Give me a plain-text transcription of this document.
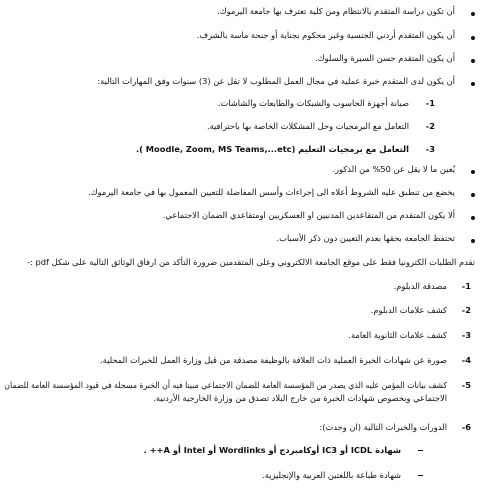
أن تكون دراسة المتقدم بالانتظام ومن كلية تعترف بها جامعة اليرموك.
أن يكون المتقدم أردني الجنسية وغير محكوم بجناية أو جنحة ماسة بالشرف.
أن يكون المتقدم حسن السيرة والسلوك.
أن يكون لدى المتقدم خبرة عملية في مجال العمل المطلوب لا تقل عن (3) سنوات وفق المهارات التالية:
1-
صيانة أجهزة الحاسوب والشبكات والطابعات والشاشات.
2-
التعامل مع البرمجيات وحل المشكلات الخاصة بها باحترافية.
3-
التعامل مع برمجيات التعليم (Moodle, Zoom, MS Teams,...etc ).
يُعين ما لا يقل عن 50% من الذكور.
يخضع من تنطبق عليه الشروط أعلاه الى إجراءات وأسس المفاضلة للتعيين المعمول بها في جامعة اليرموك.
ألا يكون المتقدم من المتقاعدين المدنيين او العسكريين اومتقاعدي الضمان الاجتماعي.
تحتفظ الجامعة بحقها بعدم التعيين دون ذكر الأسباب.
تقدم الطلبات الكترونيا فقط على موقع الجامعة الالكتروني وعلى المتقدمين ضرورة التأكد من ارفاق الوثائق التالية على شكل pdf :-
1-
مصدقة الدبلوم.
2-
كشف علامات الدبلوم.
3-
كشف علامات الثانوية العامة.
4-
صورة عن شهادات الخبرة العملية ذات العلاقة بالوظيفة مصدقة من قبل وزارة العمل للخبرات المحلية.
5-
كشف بيانات المؤمن عليه الذي يصدر من المؤسسة العامة للضمان الاجتماعي مبينا فيه أن الخبرة مسجلة في قيود المؤسسة العامة للضمان
الاجتماعي وبخصوص شهادات الخبرة من خارج البلاد تصدق من وزارة الخارجية الأردنية.
6-
الدورات والخبرات التالية (ان وجدت):
شهادة ICDL أو IC3 أوكامبردج أو Wordlinks أو Intel أو A++ .
شهادة طباعة باللغتين العربية والإنجليزية.
